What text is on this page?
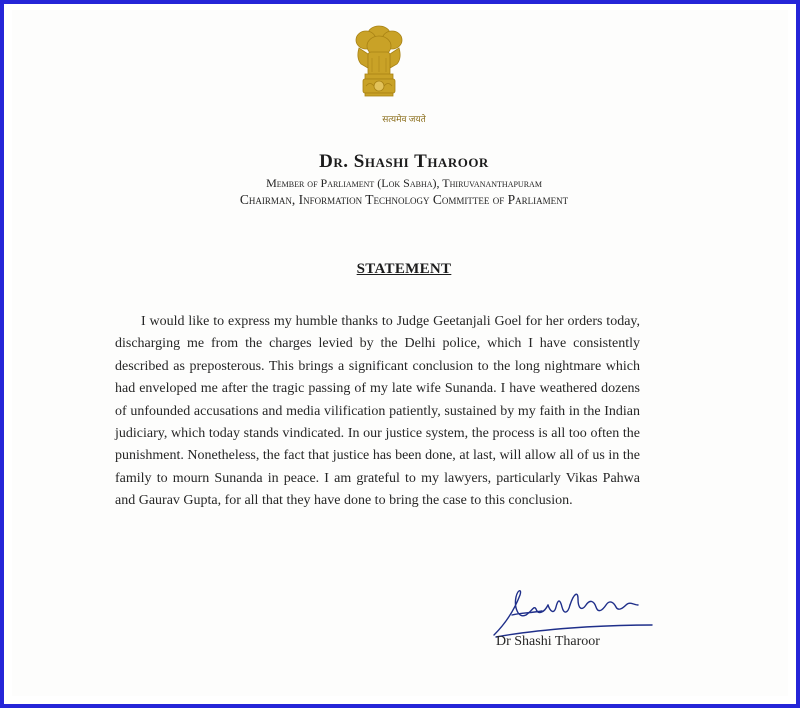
सत्यमेव जयते
Dr. Shashi Tharoor
Member of Parliament (Lok Sabha), Thiruvananthapuram
Chairman, Information Technology Committee of Parliament
STATEMENT
I would like to express my humble thanks to Judge Geetanjali Goel for her orders today, discharging me from the charges levied by the Delhi police, which I have consistently described as preposterous. This brings a significant conclusion to the long nightmare which had enveloped me after the tragic passing of my late wife Sunanda. I have weathered dozens of unfounded accusations and media vilification patiently, sustained by my faith in the Indian judiciary, which today stands vindicated. In our justice system, the process is all too often the punishment. Nonetheless, the fact that justice has been done, at last, will allow all of us in the family to mourn Sunanda in peace. I am grateful to my lawyers, particularly Vikas Pahwa and Gaurav Gupta, for all that they have done to bring the case to this conclusion.
Dr Shashi Tharoor
